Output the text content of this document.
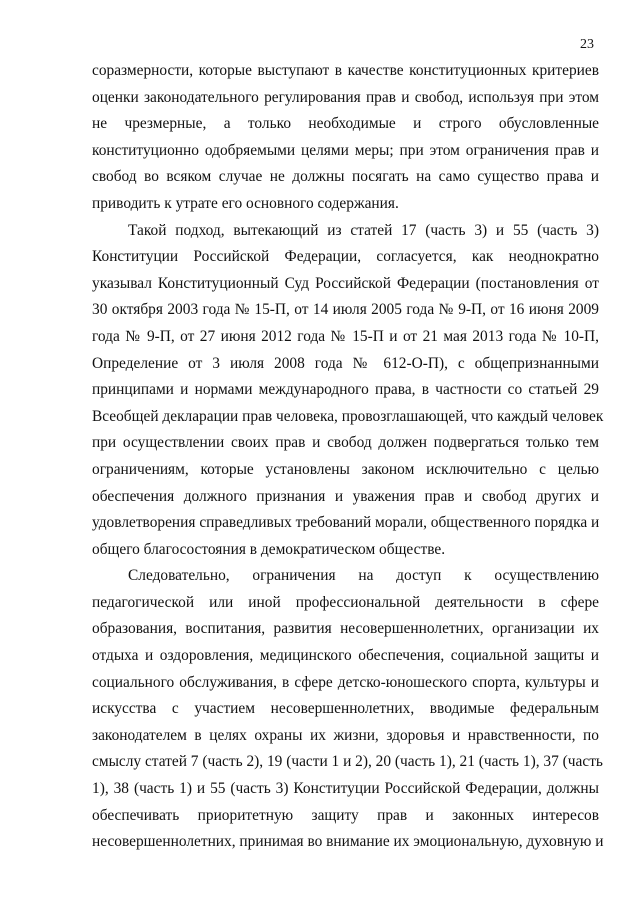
23
соразмерности, которые выступают в качестве конституционных критериев
оценки законодательного регулирования прав и свобод, используя при этом
не чрезмерные, а только необходимые и строго обусловленные
конституционно одобряемыми целями меры; при этом ограничения прав и
свобод во всяком случае не должны посягать на само существо права и
приводить к утрате его основного содержания.
Такой подход, вытекающий из статей 17 (часть 3) и 55 (часть 3)
Конституции Российской Федерации, согласуется, как неоднократно
указывал Конституционный Суд Российской Федерации (постановления от
30 октября 2003 года № 15-П, от 14 июля 2005 года № 9-П, от 16 июня 2009
года № 9-П, от 27 июня 2012 года № 15-П и от 21 мая 2013 года № 10-П,
Определение от 3 июля 2008 года № 612-О-П), с общепризнанными
принципами и нормами международного права, в частности со статьей 29
Всеобщей декларации прав человека, провозглашающей, что каждый человек
при осуществлении своих прав и свобод должен подвергаться только тем
ограничениям, которые установлены законом исключительно с целью
обеспечения должного признания и уважения прав и свобод других и
удовлетворения справедливых требований морали, общественного порядка и
общего благосостояния в демократическом обществе.
Следовательно, ограничения на доступ к осуществлению
педагогической или иной профессиональной деятельности в сфере
образования, воспитания, развития несовершеннолетних, организации их
отдыха и оздоровления, медицинского обеспечения, социальной защиты и
социального обслуживания, в сфере детско-юношеского спорта, культуры и
искусства с участием несовершеннолетних, вводимые федеральным
законодателем в целях охраны их жизни, здоровья и нравственности, по
смыслу статей 7 (часть 2), 19 (части 1 и 2), 20 (часть 1), 21 (часть 1), 37 (часть
1), 38 (часть 1) и 55 (часть 3) Конституции Российской Федерации, должны
обеспечивать приоритетную защиту прав и законных интересов
несовершеннолетних, принимая во внимание их эмоциональную, духовную и
